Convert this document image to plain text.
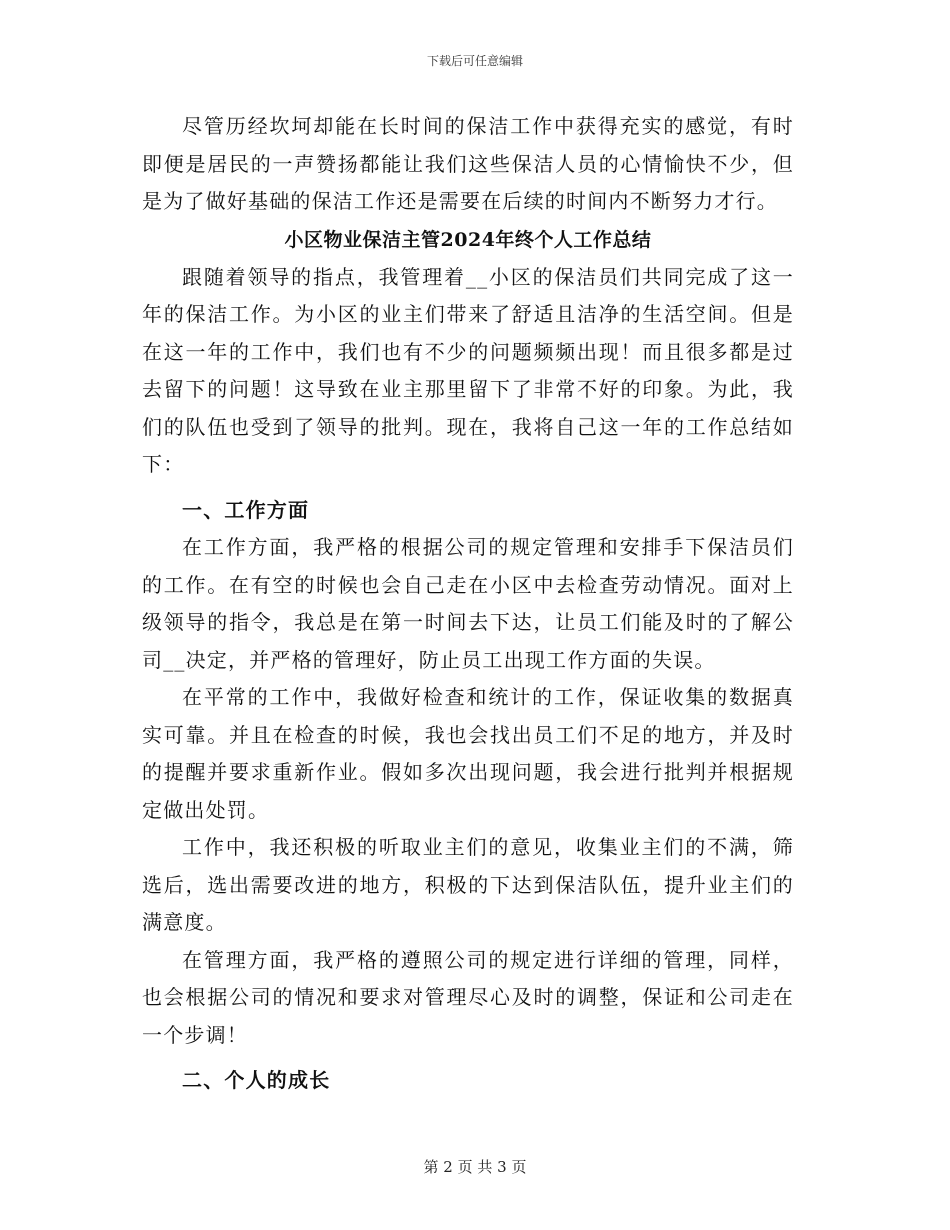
下载后可任意编辑

尽管历经坎坷却能在长时间的保洁工作中获得充实的感觉，有时即便是居民的一声赞扬都能让我们这些保洁人员的心情愉快不少，但是为了做好基础的保洁工作还是需要在后续的时间内不断努力才行。

小区物业保洁主管2024年终个人工作总结

跟随着领导的指点，我管理着__小区的保洁员们共同完成了这一年的保洁工作。为小区的业主们带来了舒适且洁净的生活空间。但是在这一年的工作中，我们也有不少的问题频频出现！而且很多都是过去留下的问题！这导致在业主那里留下了非常不好的印象。为此，我们的队伍也受到了领导的批判。现在，我将自己这一年的工作总结如下：

一、工作方面

在工作方面，我严格的根据公司的规定管理和安排手下保洁员们的工作。在有空的时候也会自己走在小区中去检查劳动情况。面对上级领导的指令，我总是在第一时间去下达，让员工们能及时的了解公司__决定，并严格的管理好，防止员工出现工作方面的失误。

在平常的工作中，我做好检查和统计的工作，保证收集的数据真实可靠。并且在检查的时候，我也会找出员工们不足的地方，并及时的提醒并要求重新作业。假如多次出现问题，我会进行批判并根据规定做出处罚。

工作中，我还积极的听取业主们的意见，收集业主们的不满，筛选后，选出需要改进的地方，积极的下达到保洁队伍，提升业主们的满意度。

在管理方面，我严格的遵照公司的规定进行详细的管理，同样，也会根据公司的情况和要求对管理尽心及时的调整，保证和公司走在一个步调！

二、个人的成长

第 2 页 共 3 页
